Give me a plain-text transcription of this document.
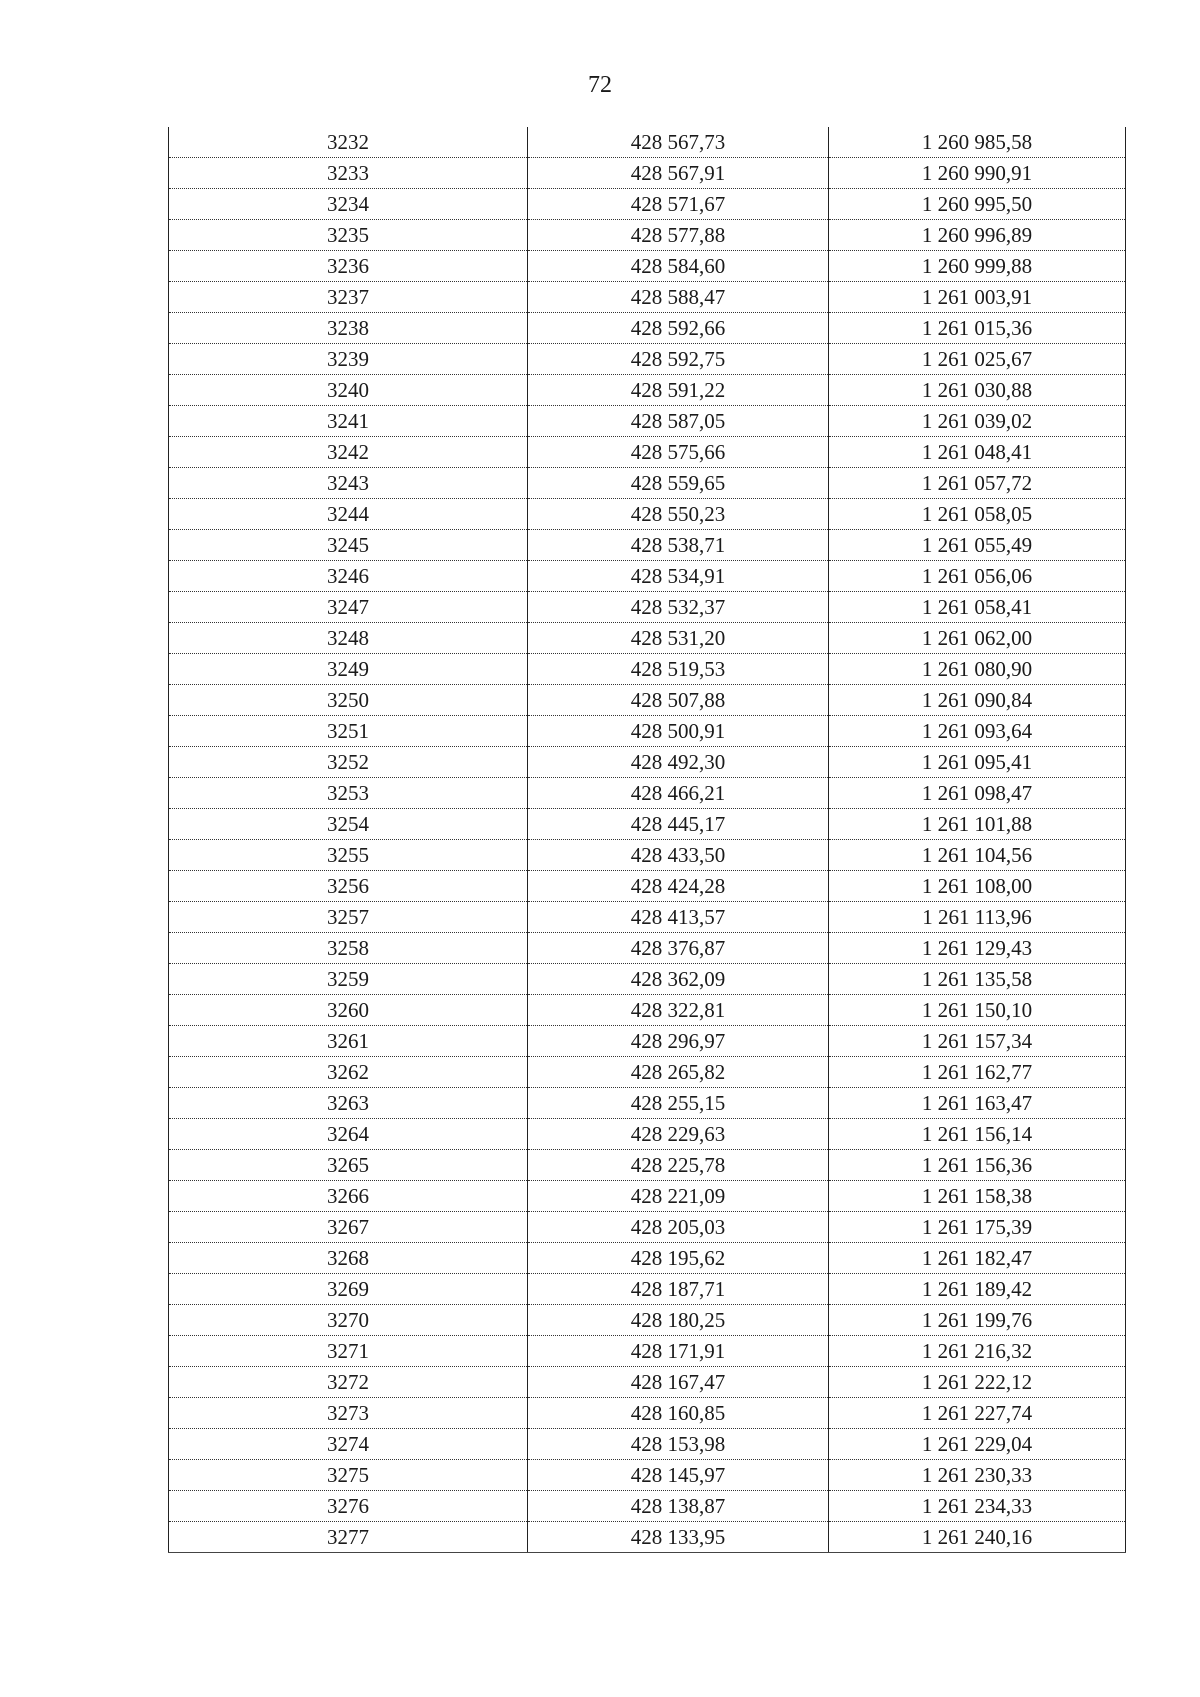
72
3232	428 567,73	1 260 985,58
3233	428 567,91	1 260 990,91
3234	428 571,67	1 260 995,50
3235	428 577,88	1 260 996,89
3236	428 584,60	1 260 999,88
3237	428 588,47	1 261 003,91
3238	428 592,66	1 261 015,36
3239	428 592,75	1 261 025,67
3240	428 591,22	1 261 030,88
3241	428 587,05	1 261 039,02
3242	428 575,66	1 261 048,41
3243	428 559,65	1 261 057,72
3244	428 550,23	1 261 058,05
3245	428 538,71	1 261 055,49
3246	428 534,91	1 261 056,06
3247	428 532,37	1 261 058,41
3248	428 531,20	1 261 062,00
3249	428 519,53	1 261 080,90
3250	428 507,88	1 261 090,84
3251	428 500,91	1 261 093,64
3252	428 492,30	1 261 095,41
3253	428 466,21	1 261 098,47
3254	428 445,17	1 261 101,88
3255	428 433,50	1 261 104,56
3256	428 424,28	1 261 108,00
3257	428 413,57	1 261 113,96
3258	428 376,87	1 261 129,43
3259	428 362,09	1 261 135,58
3260	428 322,81	1 261 150,10
3261	428 296,97	1 261 157,34
3262	428 265,82	1 261 162,77
3263	428 255,15	1 261 163,47
3264	428 229,63	1 261 156,14
3265	428 225,78	1 261 156,36
3266	428 221,09	1 261 158,38
3267	428 205,03	1 261 175,39
3268	428 195,62	1 261 182,47
3269	428 187,71	1 261 189,42
3270	428 180,25	1 261 199,76
3271	428 171,91	1 261 216,32
3272	428 167,47	1 261 222,12
3273	428 160,85	1 261 227,74
3274	428 153,98	1 261 229,04
3275	428 145,97	1 261 230,33
3276	428 138,87	1 261 234,33
3277	428 133,95	1 261 240,16
